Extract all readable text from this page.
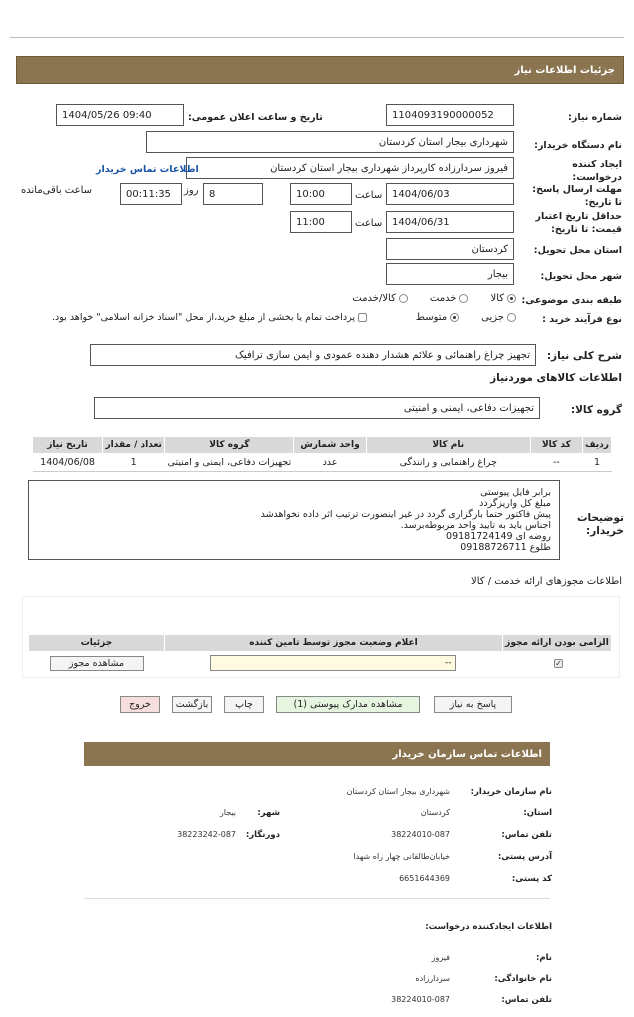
جزئیات اطلاعات نیاز
شماره نیاز:
1104093190000052
تاریخ و ساعت اعلان عمومی:
1404/05/26 09:40
نام دستگاه خریدار:
شهرداری بیجار استان کردستان
ایجاد کننده درخواست:
فیروز سردارزاده کارپرداز شهرداری بیجار استان کردستان
اطلاعات تماس خریدار
مهلت ارسال پاسخ: تا تاریخ:
1404/06/03
ساعت
10:00
8
روز
00:11:35
ساعت باقی‌مانده
حداقل تاریخ اعتبار قیمت: تا تاریخ:
1404/06/31
ساعت
11:00
استان محل تحویل:
کردستان
شهر محل تحویل:
بیجار
طبقه بندی موضوعی:
کالا
خدمت
کالا/خدمت
نوع فرآیند خرید :
جزیی
متوسط
پرداخت تمام یا بخشی از مبلغ خرید،از محل "اسناد خزانه اسلامی" خواهد بود.
شرح کلی نیاز:
تجهیز چراغ راهنمائی و علائم هشدار دهنده عمودی و ایمن سازی ترافیک
اطلاعات کالاهای موردنیاز
گروه کالا:
تجهیزات دفاعی، ایمنی و امنیتی
ردیف	کد کالا	نام کالا	واحد شمارش	گروه کالا	تعداد / مقدار	تاریخ نیاز
1	--	چراغ راهنمایی و رانندگی	عدد	تجهیزات دفاعی، ایمنی و امنیتی	1	1404/06/08
توضیحات خریدار:
برابر فایل پیوستی
مبلغ کل واریزگردد
پیش فاکتور حتما بارگزاری گردد در غیر اینصورت ترتیب اثر داده نخواهدشد
اجناس باید به تایید واحد مربوطه‌برسد.
روضه ای 09181724149
طلوع 09188726711
اطلاعات مجوزهای ارائه خدمت / کالا
الزامی بودن ارائه مجوز	اعلام وضعیت مجوز توسط تامین کننده	جزئیات
✓	--	مشاهده مجوز
پاسخ به نیاز
مشاهده مدارک پیوستی (1)
چاپ
بازگشت
خروج
اطلاعات تماس سازمان خریدار
نام سازمان خریدار:
شهرداری بیجار استان کردستان
استان:
کردستان
شهر:
بیجار
تلفن تماس:
38224010-087
دورنگار:
38223242-087
آدرس پستی:
خیابان‌طالقانی چهار راه شهدا
کد پستی:
6651644369
اطلاعات ایجادکننده درخواست:
نام:
فیروز
نام خانوادگی:
سردارزاده
تلفن تماس:
38224010-087
